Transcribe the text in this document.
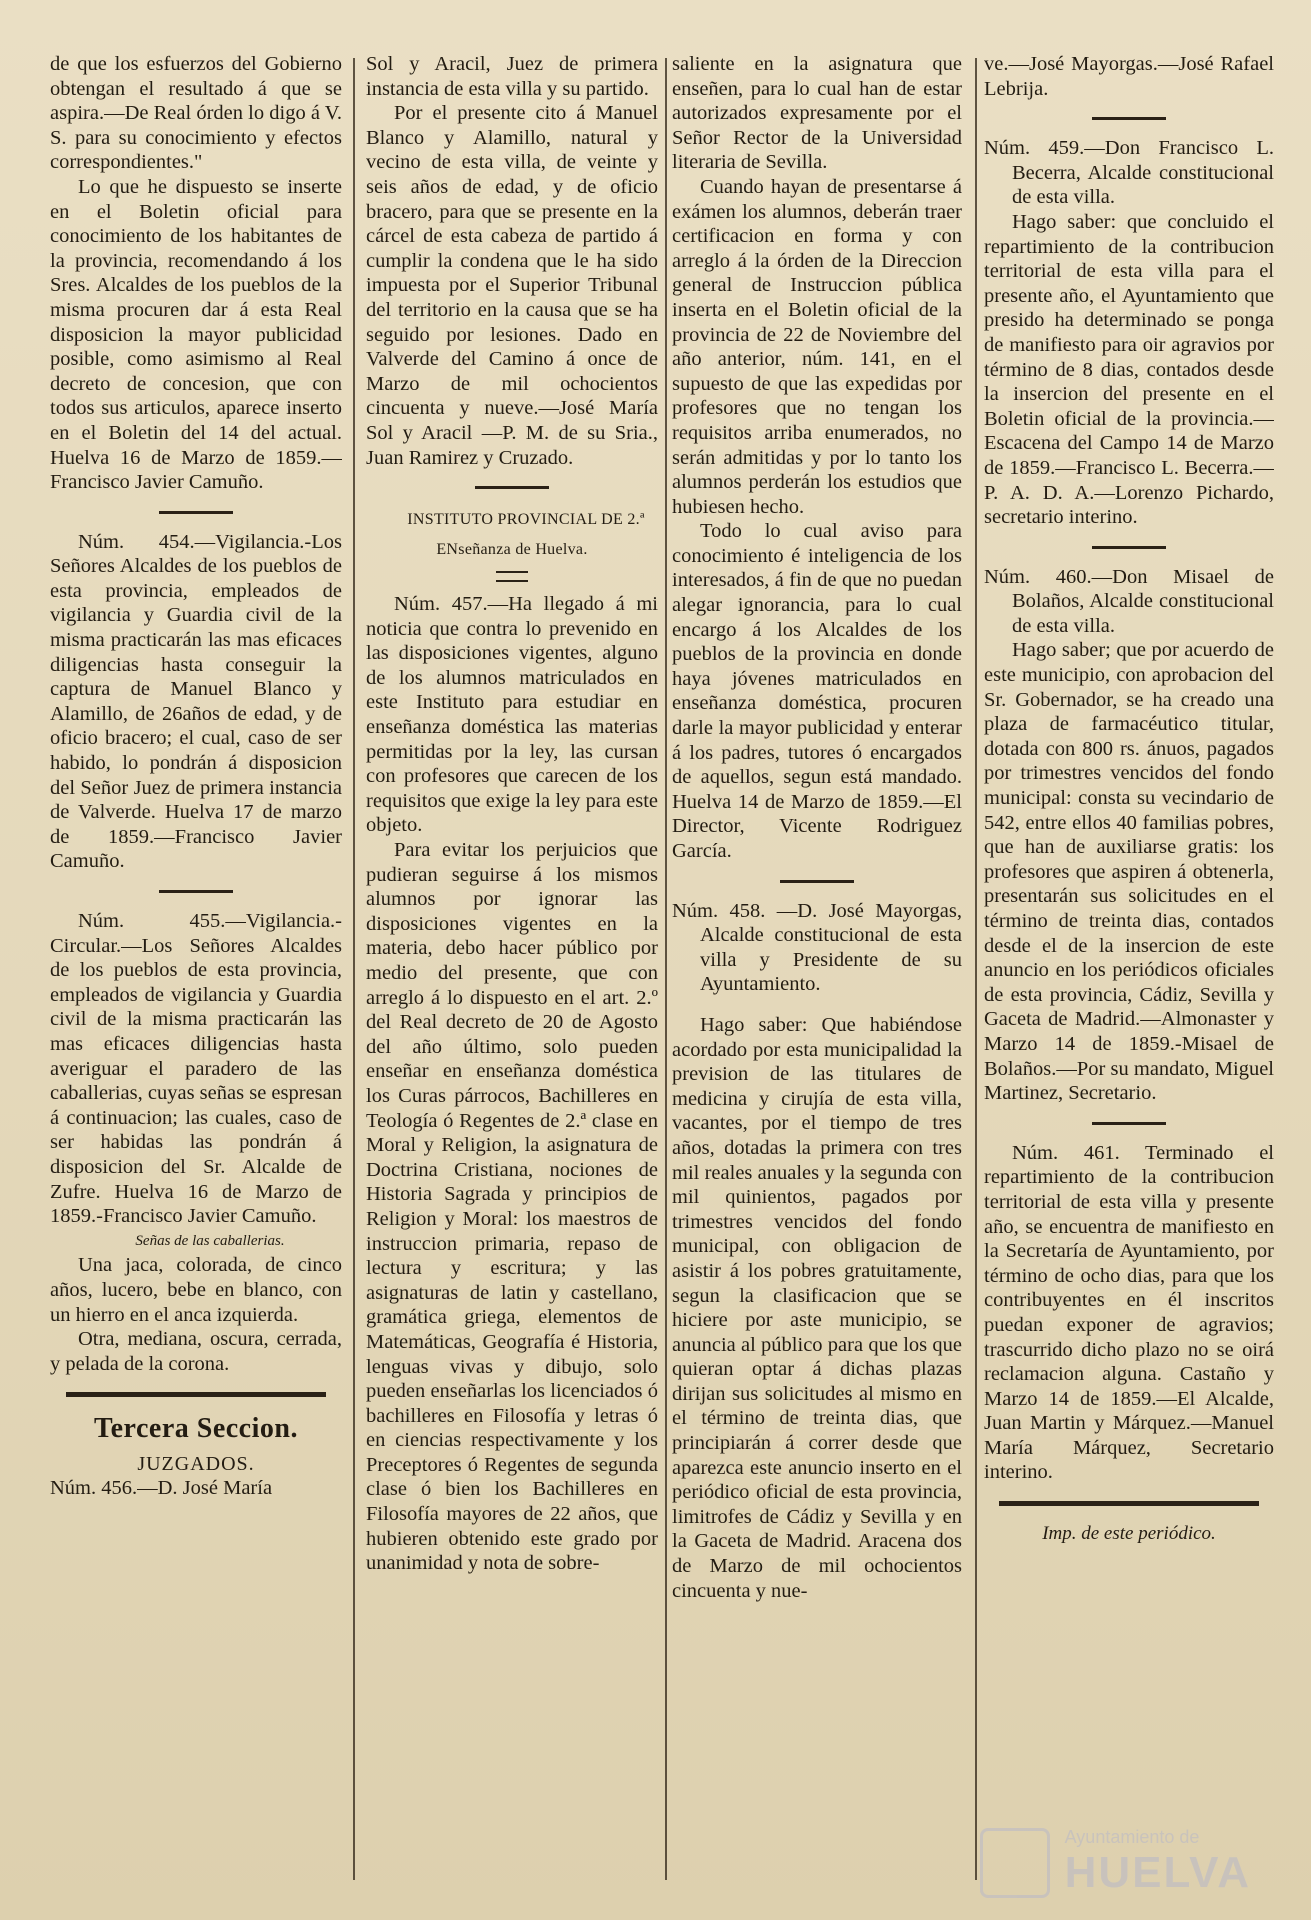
de que los esfuerzos del Gobierno obtengan el resultado á que se aspira.—De Real órden lo digo á V. S. para su conocimiento y efectos correspondientes."

Lo que he dispuesto se inserte en el Boletin oficial para conocimiento de los habitantes de la provincia, recomendando á los Sres. Alcaldes de los pueblos de la misma procuren dar á esta Real disposicion la mayor publicidad posible, como asimismo al Real decreto de concesion, que con todos sus articulos, aparece inserto en el Boletin del 14 del actual. Huelva 16 de Marzo de 1859.—Francisco Javier Camuño.

Núm. 454.—Vigilancia.-Los Señores Alcaldes de los pueblos de esta provincia, empleados de vigilancia y Guardia civil de la misma practicarán las mas eficaces diligencias hasta conseguir la captura de Manuel Blanco y Alamillo, de 26años de edad, y de oficio bracero; el cual, caso de ser habido, lo pondrán á disposicion del Señor Juez de primera instancia de Valverde. Huelva 17 de marzo de 1859.—Francisco Javier Camuño.

Núm. 455.—Vigilancia.-Circular.—Los Señores Alcaldes de los pueblos de esta provincia, empleados de vigilancia y Guardia civil de la misma practicarán las mas eficaces diligencias hasta averiguar el paradero de las caballerias, cuyas señas se espresan á continuacion; las cuales, caso de ser habidas las pondrán á disposicion del Sr. Alcalde de Zufre. Huelva 16 de Marzo de 1859.-Francisco Javier Camuño.

Señas de las caballerias.

Una jaca, colorada, de cinco años, lucero, bebe en blanco, con un hierro en el anca izquierda.

Otra, mediana, oscura, cerrada, y pelada de la corona.

Tercera Seccion.
JUZGADOS.

Núm. 456.—D. José María

Sol y Aracil, Juez de primera instancia de esta villa y su partido.

Por el presente cito á Manuel Blanco y Alamillo, natural y vecino de esta villa, de veinte y seis años de edad, y de oficio bracero, para que se presente en la cárcel de esta cabeza de partido á cumplir la condena que le ha sido impuesta por el Superior Tribunal del territorio en la causa que se ha seguido por lesiones. Dado en Valverde del Camino á once de Marzo de mil ochocientos cincuenta y nueve.—José María Sol y Aracil —P. M. de su Sria., Juan Ramirez y Cruzado.

INSTITUTO PROVINCIAL DE 2.ª ENseñanza de Huelva.

Núm. 457.—Ha llegado á mi noticia que contra lo prevenido en las disposiciones vigentes, alguno de los alumnos matriculados en este Instituto para estudiar en enseñanza doméstica las materias permitidas por la ley, las cursan con profesores que carecen de los requisitos que exige la ley para este objeto.

Para evitar los perjuicios que pudieran seguirse á los mismos alumnos por ignorar las disposiciones vigentes en la materia, debo hacer público por medio del presente, que con arreglo á lo dispuesto en el art. 2.º del Real decreto de 20 de Agosto del año último, solo pueden enseñar en enseñanza doméstica los Curas párrocos, Bachilleres en Teología ó Regentes de 2.ª clase en Moral y Religion, la asignatura de Doctrina Cristiana, nociones de Historia Sagrada y principios de Religion y Moral: los maestros de instruccion primaria, repaso de lectura y escritura; y las asignaturas de latin y castellano, gramática griega, elementos de Matemáticas, Geografía é Historia, lenguas vivas y dibujo, solo pueden enseñarlas los licenciados ó bachilleres en Filosofía y letras ó en ciencias respectivamente y los Preceptores ó Regentes de segunda clase ó bien los Bachilleres en Filosofía mayores de 22 años, que hubieren obtenido este grado por unanimidad y nota de sobre-

saliente en la asignatura que enseñen, para lo cual han de estar autorizados expresamente por el Señor Rector de la Universidad literaria de Sevilla.

Cuando hayan de presentarse á exámen los alumnos, deberán traer certificacion en forma y con arreglo á la órden de la Direccion general de Instruccion pública inserta en el Boletin oficial de la provincia de 22 de Noviembre del año anterior, núm. 141, en el supuesto de que las expedidas por profesores que no tengan los requisitos arriba enumerados, no serán admitidas y por lo tanto los alumnos perderán los estudios que hubiesen hecho.

Todo lo cual aviso para conocimiento é inteligencia de los interesados, á fin de que no puedan alegar ignorancia, para lo cual encargo á los Alcaldes de los pueblos de la provincia en donde haya jóvenes matriculados en enseñanza doméstica, procuren darle la mayor publicidad y enterar á los padres, tutores ó encargados de aquellos, segun está mandado. Huelva 14 de Marzo de 1859.—El Director, Vicente Rodriguez García.

Núm. 458. —D. José Mayorgas, Alcalde constitucional de esta villa y Presidente de su Ayuntamiento.

Hago saber: Que habiéndose acordado por esta municipalidad la prevision de las titulares de medicina y cirujía de esta villa, vacantes, por el tiempo de tres años, dotadas la primera con tres mil reales anuales y la segunda con mil quinientos, pagados por trimestres vencidos del fondo municipal, con obligacion de asistir á los pobres gratuitamente, segun la clasificacion que se hiciere por aste municipio, se anuncia al público para que los que quieran optar á dichas plazas dirijan sus solicitudes al mismo en el término de treinta dias, que principiarán á correr desde que aparezca este anuncio inserto en el periódico oficial de esta provincia, limitrofes de Cádiz y Sevilla y en la Gaceta de Madrid. Aracena dos de Marzo de mil ochocientos cincuenta y nue-

ve.—José Mayorgas.—José Rafael Lebrija.

Núm. 459.—Don Francisco L. Becerra, Alcalde constitucional de esta villa.

Hago saber: que concluido el repartimiento de la contribucion territorial de esta villa para el presente año, el Ayuntamiento que presido ha determinado se ponga de manifiesto para oir agravios por término de 8 dias, contados desde la insercion del presente en el Boletin oficial de la provincia.—Escacena del Campo 14 de Marzo de 1859.—Francisco L. Becerra.—P. A. D. A.—Lorenzo Pichardo, secretario interino.

Núm. 460.—Don Misael de Bolaños, Alcalde constitucional de esta villa.

Hago saber; que por acuerdo de este municipio, con aprobacion del Sr. Gobernador, se ha creado una plaza de farmacéutico titular, dotada con 800 rs. ánuos, pagados por trimestres vencidos del fondo municipal: consta su vecindario de 542, entre ellos 40 familias pobres, que han de auxiliarse gratis: los profesores que aspiren á obtenerla, presentarán sus solicitudes en el término de treinta dias, contados desde el de la insercion de este anuncio en los periódicos oficiales de esta provincia, Cádiz, Sevilla y Gaceta de Madrid.—Almonaster y Marzo 14 de 1859.-Misael de Bolaños.—Por su mandato, Miguel Martinez, Secretario.

Núm. 461. Terminado el repartimiento de la contribucion territorial de esta villa y presente año, se encuentra de manifiesto en la Secretaría de Ayuntamiento, por término de ocho dias, para que los contribuyentes en él inscritos puedan exponer de agravios; trascurrido dicho plazo no se oirá reclamacion alguna. Castaño y Marzo 14 de 1859.—El Alcalde, Juan Martin y Márquez.—Manuel María Márquez, Secretario interino.

Imp. de este periódico.

Ayuntamiento de
HUELVA
